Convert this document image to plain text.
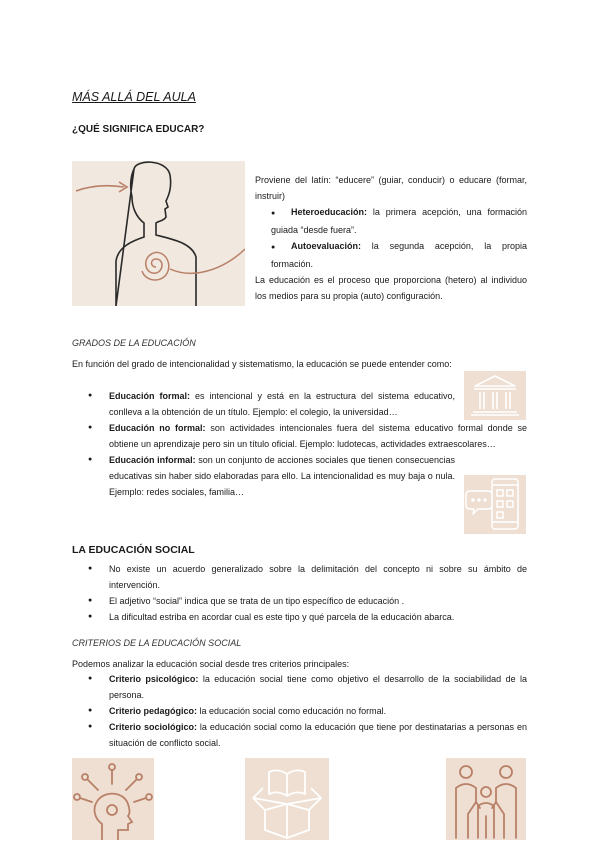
MÁS ALLÁ DEL AULA
¿QUÉ SIGNIFICA EDUCAR?
Proviene del latín: “educere” (guiar, conducir) o educare (formar, instruir)
● Heteroeducación: la primera acepción, una formación guiada “desde fuera”.
● Autoevaluación: la segunda acepción, la propia formación.
La educación es el proceso que proporciona (hetero) al individuo los medios para su propia (auto) configuración.
GRADOS DE LA EDUCACIÓN
En función del grado de intencionalidad y sistematismo, la educación se puede entender como:
● Educación formal: es intencional y está en la estructura del sistema educativo, conlleva a la obtención de un título. Ejemplo: el colegio, la universidad…
● Educación no formal: son actividades intencionales fuera del sistema educativo formal donde se obtiene un aprendizaje pero sin un título oficial. Ejemplo: ludotecas, actividades extraescolares…
● Educación informal: son un conjunto de acciones sociales que tienen consecuencias educativas sin haber sido elaboradas para ello. La intencionalidad es muy baja o nula. Ejemplo: redes sociales, familia…
LA EDUCACIÓN SOCIAL
● No existe un acuerdo generalizado sobre la delimitación del concepto ni sobre su ámbito de intervención.
● El adjetivo “social” indica que se trata de un tipo específico de educación .
● La dificultad estriba en acordar cual es este tipo y qué parcela de la educación abarca.
CRITERIOS DE LA EDUCACIÓN SOCIAL
Podemos analizar la educación social desde tres criterios principales:
● Criterio psicológico: la educación social tiene como objetivo el desarrollo de la sociabilidad de la persona.
● Criterio pedagógico: la educación social como educación no formal.
● Criterio sociológico: la educación social como la educación que tiene por destinatarias a personas en situación de conflicto social.
